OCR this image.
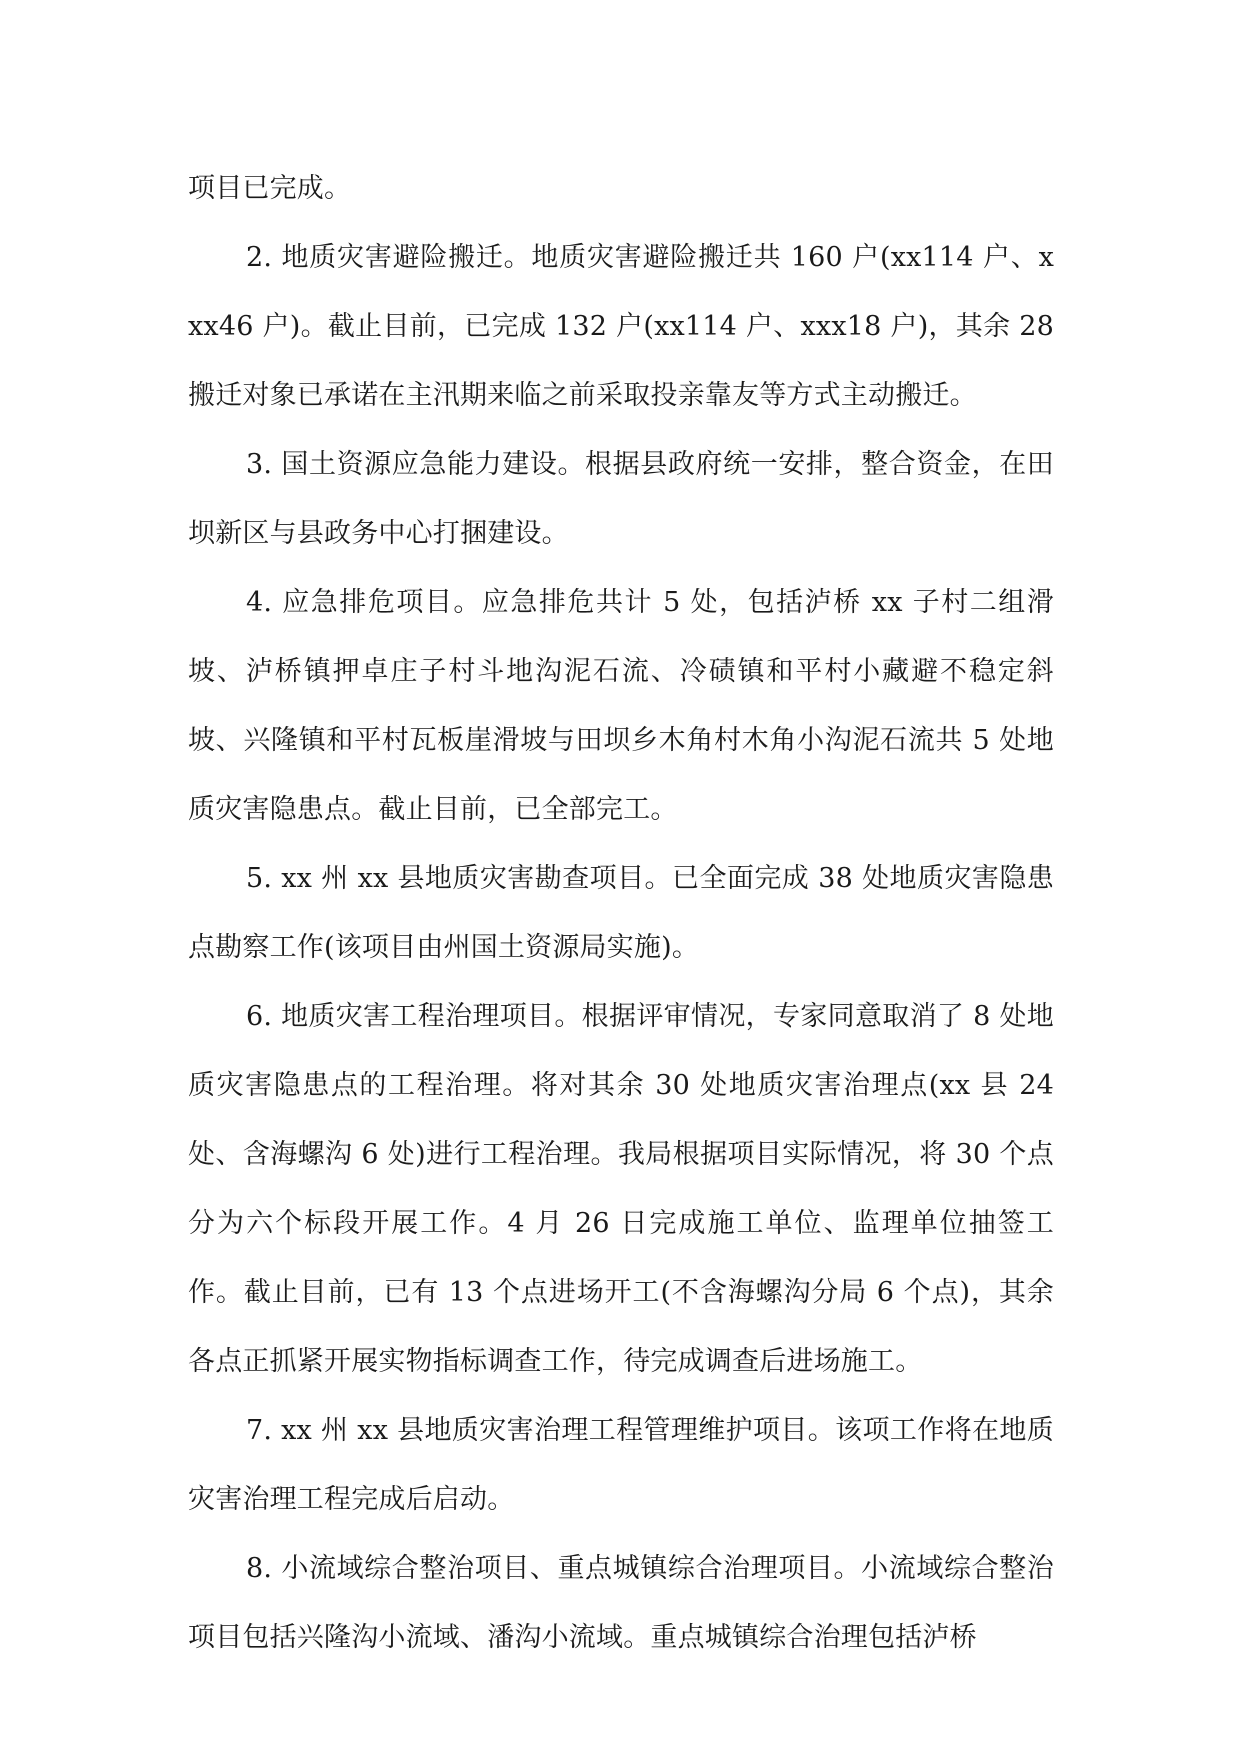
项目已完成。

2. 地质灾害避险搬迁。地质灾害避险搬迁共 160 户(xx114 户、xxx46 户)。截止目前，已完成 132 户(xx114 户、xxx18 户)，其余 28 搬迁对象已承诺在主汛期来临之前采取投亲靠友等方式主动搬迁。

3. 国土资源应急能力建设。根据县政府统一安排，整合资金，在田坝新区与县政务中心打捆建设。

4. 应急排危项目。应急排危共计 5 处，包括泸桥 xx 子村二组滑坡、泸桥镇押卓庄子村斗地沟泥石流、冷碛镇和平村小藏避不稳定斜坡、兴隆镇和平村瓦板崖滑坡与田坝乡木角村木角小沟泥石流共 5 处地质灾害隐患点。截止目前，已全部完工。

5. xx 州 xx 县地质灾害勘查项目。已全面完成 38 处地质灾害隐患点勘察工作(该项目由州国土资源局实施)。

6. 地质灾害工程治理项目。根据评审情况，专家同意取消了 8 处地质灾害隐患点的工程治理。将对其余 30 处地质灾害治理点(xx 县 24 处、含海螺沟 6 处)进行工程治理。我局根据项目实际情况，将 30 个点分为六个标段开展工作。4 月 26 日完成施工单位、监理单位抽签工作。截止目前，已有 13 个点进场开工(不含海螺沟分局 6 个点)，其余各点正抓紧开展实物指标调查工作，待完成调查后进场施工。

7. xx 州 xx 县地质灾害治理工程管理维护项目。该项工作将在地质灾害治理工程完成后启动。

8. 小流域综合整治项目、重点城镇综合治理项目。小流域综合整治项目包括兴隆沟小流域、潘沟小流域。重点城镇综合治理包括泸桥
